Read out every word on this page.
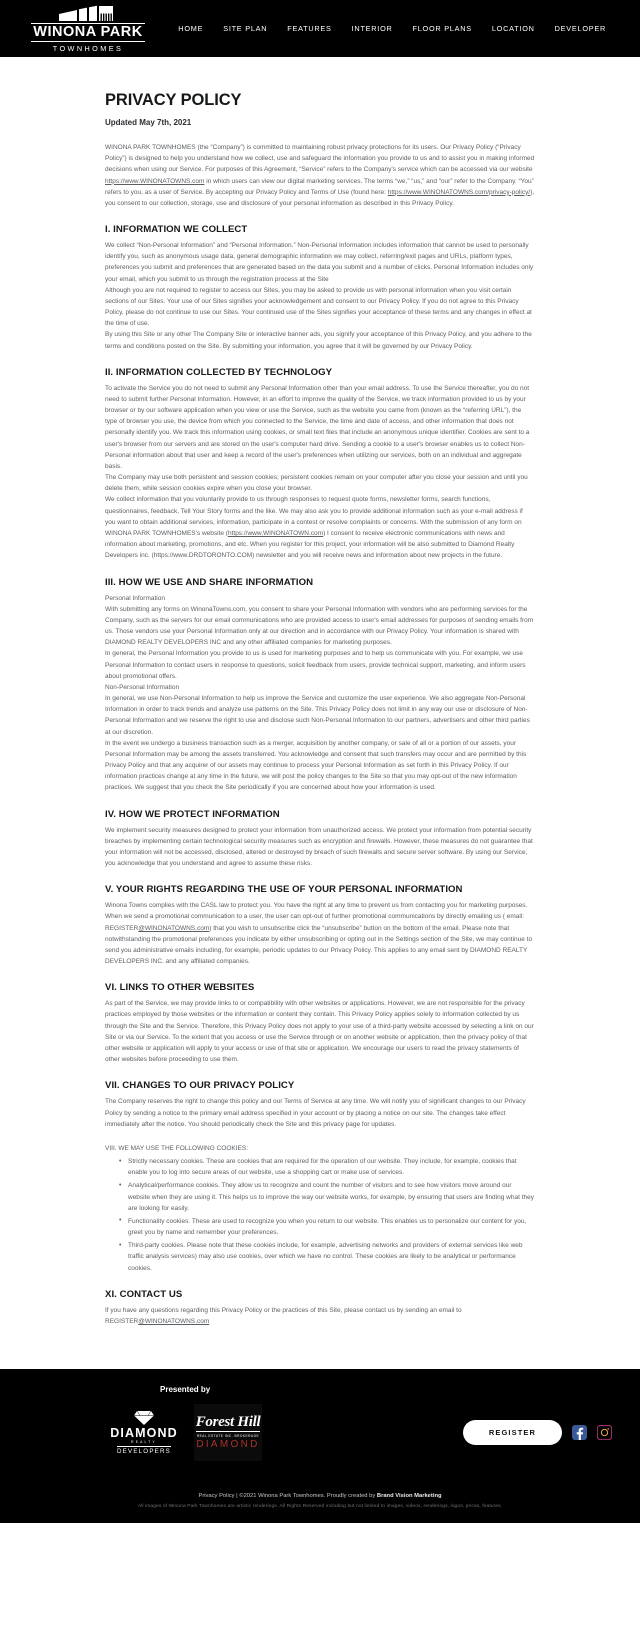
WINONA PARK
TOWNHOMES
HOME	SITE PLAN	FEATURES	INTERIOR	FLOOR PLANS	LOCATION	DEVELOPER
PRIVACY POLICY
Updated May 7th, 2021

WINONA PARK TOWNHOMES (the “Company”) is committed to maintaining robust privacy protections for its users. Our Privacy Policy (“Privacy Policy”) is designed to help you understand how we collect, use and safeguard the information you provide to us and to assist you in making informed decisions when using our Service. For purposes of this Agreement, “Service” refers to the Company's service which can be accessed via our website https://www.WINONATOWNS.com in which users can view our digital marketing services. The terms “we,” “us,” and “our” refer to the Company. “You” refers to you, as a user of Service. By accepting our Privacy Policy and Terms of Use (found here: https://www.WINONATOWNS.com/privacy-policy/), you consent to our collection, storage, use and disclosure of your personal information as described in this Privacy Policy.

I. INFORMATION WE COLLECT

We collect “Non-Personal Information” and “Personal Information.” Non-Personal Information includes information that cannot be used to personally identify you, such as anonymous usage data, general demographic information we may collect, referring/exit pages and URLs, platform types, preferences you submit and preferences that are generated based on the data you submit and a number of clicks. Personal Information includes only your email, which you submit to us through the registration process at the Site

Although you are not required to register to access our Sites, you may be asked to provide us with personal information when you visit certain sections of our Sites. Your use of our Sites signifies your acknowledgement and consent to our Privacy Policy. If you do not agree to this Privacy Policy, please do not continue to use our Sites. Your continued use of the Sites signifies your acceptance of these terms and any changes in effect at the time of use.

By using this Site or any other The Company Site or interactive banner ads, you signify your acceptance of this Privacy Policy, and you adhere to the terms and conditions posted on the Site. By submitting your information, you agree that it will be governed by our Privacy Policy.

II. INFORMATION COLLECTED BY TECHNOLOGY

To activate the Service you do not need to submit any Personal Information other than your email address. To use the Service thereafter, you do not need to submit further Personal Information. However, in an effort to improve the quality of the Service, we track information provided to us by your browser or by our software application when you view or use the Service, such as the website you came from (known as the “referring URL”), the type of browser you use, the device from which you connected to the Service, the time and date of access, and other information that does not personally identify you. We track this information using cookies, or small text files that include an anonymous unique identifier. Cookies are sent to a user's browser from our servers and are stored on the user's computer hard drive. Sending a cookie to a user's browser enables us to collect Non-Personal information about that user and keep a record of the user's preferences when utilizing our services, both on an individual and aggregate basis.

The Company may use both persistent and session cookies; persistent cookies remain on your computer after you close your session and until you delete them, while session cookies expire when you close your browser.

We collect information that you voluntarily provide to us through responses to request quote forms, newsletter forms, search functions, questionnaires, feedback, Tell Your Story forms and the like. We may also ask you to provide additional information such as your e-mail address if you want to obtain additional services, information, participate in a contest or resolve complaints or concerns. With the submission of any form on WINONA PARK TOWNHOMES's website (https://www.WINONATOWN.com) I consent to receive electronic communications with news and information about marketing, promotions, and etc. When you register for this project, your information will be also submitted to Diamond Realty Developers inc. (https://www.DRDTORONTO.COM) newsletter and you will receive news and information about new projects in the future.

III. HOW WE USE AND SHARE INFORMATION
Personal Information

With submitting any forms on WinonaTowns.com, you consent to share your Personal Information with vendors who are performing services for the Company, such as the servers for our email communications who are provided access to user's email addresses for purposes of sending emails from us. Those vendors use your Personal Information only at our direction and in accordance with our Privacy Policy. Your information is shared with DIAMOND REALTY DEVELOPERS INC and any other affiliated companies for marketing purposes.

In general, the Personal Information you provide to us is used for marketing purposes and to help us communicate with you. For example, we use Personal Information to contact users in response to questions, solicit feedback from users, provide technical support, marketing, and inform users about promotional offers.

Non-Personal Information

In general, we use Non-Personal Information to help us improve the Service and customize the user experience. We also aggregate Non-Personal Information in order to track trends and analyze use patterns on the Site. This Privacy Policy does not limit in any way our use or disclosure of Non-Personal Information and we reserve the right to use and disclose such Non-Personal Information to our partners, advertisers and other third parties at our discretion.

In the event we undergo a business transaction such as a merger, acquisition by another company, or sale of all or a portion of our assets, your Personal Information may be among the assets transferred. You acknowledge and consent that such transfers may occur and are permitted by this Privacy Policy and that any acquirer of our assets may continue to process your Personal Information as set forth in this Privacy Policy. If our information practices change at any time in the future, we will post the policy changes to the Site so that you may opt-out of the new information practices. We suggest that you check the Site periodically if you are concerned about how your information is used.

IV. HOW WE PROTECT INFORMATION

We implement security measures designed to protect your information from unauthorized access. We protect your information from potential security breaches by implementing certain technological security measures such as encryption and firewalls. However, these measures do not guarantee that your information will not be accessed, disclosed, altered or destroyed by breach of such firewalls and secure server software. By using our Service, you acknowledge that you understand and agree to assume these risks.

V. YOUR RIGHTS REGARDING THE USE OF YOUR PERSONAL INFORMATION

Winona Towns complies with the CASL law to protect you. You have the right at any time to prevent us from contacting you for marketing purposes. When we send a promotional communication to a user, the user can opt-out of further promotional communications by directly emailing us ( email: REGISTER@WINONATOWNS.com) that you wish to unsubscribe click the “unsubscribe” button on the bottom of the email. Please note that notwithstanding the promotional preferences you indicate by either unsubscribing or opting out in the Settings section of the Site, we may continue to send you administrative emails including, for example, periodic updates to our Privacy Policy. This applies to any email sent by DIAMOND REALTY DEVELOPERS INC. and any affiliated companies.

VI. LINKS TO OTHER WEBSITES

As part of the Service, we may provide links to or compatibility with other websites or applications. However, we are not responsible for the privacy practices employed by those websites or the information or content they contain. This Privacy Policy applies solely to information collected by us through the Site and the Service. Therefore, this Privacy Policy does not apply to your use of a third-party website accessed by selecting a link on our Site or via our Service. To the extent that you access or use the Service through or on another website or application, then the privacy policy of that other website or application will apply to your access or use of that site or application. We encourage our users to read the privacy statements of other websites before proceeding to use them.

VII. CHANGES TO OUR PRIVACY POLICY

The Company reserves the right to change this policy and our Terms of Service at any time. We will notify you of significant changes to our Privacy Policy by sending a notice to the primary email address specified in your account or by placing a notice on our site. The changes take effect immediately after the notice. You should periodically check the Site and this privacy page for updates.

VIII. WE MAY USE THE FOLLOWING COOKIES:
• Strictly necessary cookies. These are cookies that are required for the operation of our website. They include, for example, cookies that enable you to log into secure areas of our website, use a shopping cart or make use of services.
• Analytical/performance cookies. They allow us to recognize and count the number of visitors and to see how visitors move around our website when they are using it. This helps us to improve the way our website works, for example, by ensuring that users are finding what they are looking for easily.
• Functionality cookies. These are used to recognize you when you return to our website. This enables us to personalize our content for you, greet you by name and remember your preferences.
• Third-party cookies. Please note that these cookies include, for example, advertising networks and providers of external services like web traffic analysis services) may also use cookies, over which we have no control. These cookies are likely to be analytical or performance cookies.
XI. CONTACT US

If you have any questions regarding this Privacy Policy or the practices of this Site, please contact us by sending an email to REGISTER@WINONATOWNS.com

Presented by
DIAMOND
REALTY
DEVELOPERS
Forest Hill
REAL ESTATE INC. BROKERAGE
DIAMOND
REGISTER
Privacy Policy | ©2021 Winona Park Townhomes. Proudly created by Brand Vision Marketing
All images of Winona Park Townhomes are artistic renderings. All Rights Reserved including but not limited to images, videos, renderings, logos, prices, features.
